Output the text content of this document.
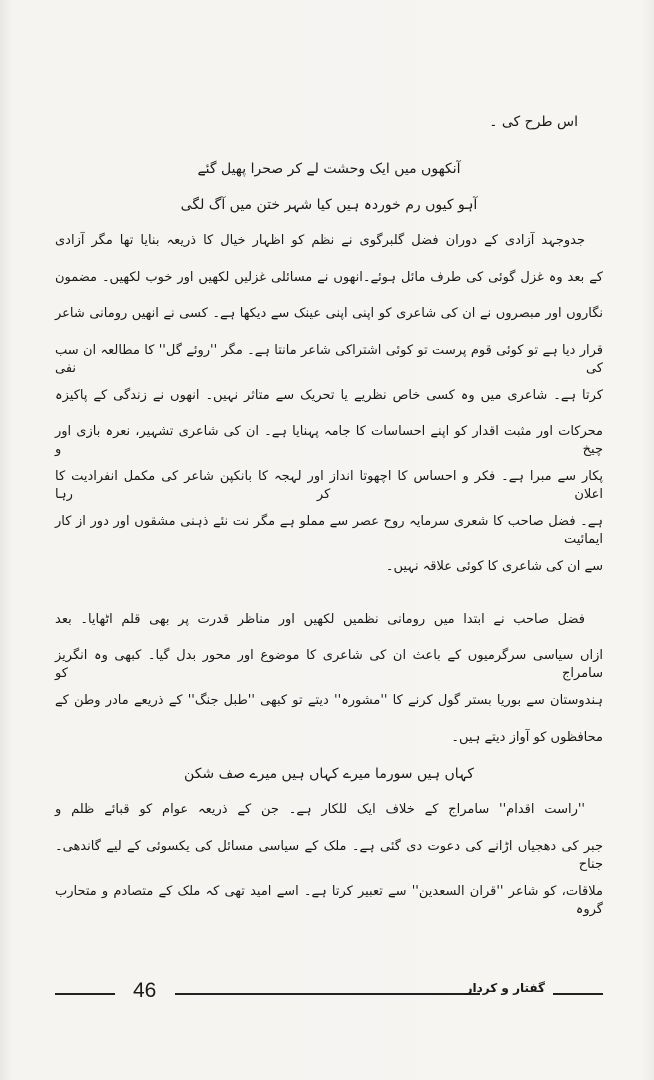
اس طرح کی ۔
آنکھوں میں ایک وحشت لے کر صحرا پھیل گئے
آہو کیوں رم خوردہ ہیں کیا شہر ختن میں آگ لگی
جدوجہد آزادی کے دوران فضل گلبرگوی نے نظم کو اظہار خیال کا ذریعہ بنایا تھا مگر آزادی
کے بعد وہ غزل گوئی کی طرف مائل ہوئے۔انھوں نے مسائلی غزلیں لکھیں اور خوب لکھیں۔ مضمون
نگاروں اور مبصروں نے ان کی شاعری کو اپنی اپنی عینک سے دیکھا ہے۔ کسی نے انھیں رومانی شاعر
قرار دیا ہے تو کوئی قوم پرست تو کوئی اشتراکی شاعر مانتا ہے۔ مگر ''روئے گل'' کا مطالعہ ان سب کی نفی
کرتا ہے۔ شاعری میں وہ کسی خاص نظریے یا تحریک سے متاثر نہیں۔ انھوں نے زندگی کے پاکیزہ
محرکات اور مثبت اقدار کو اپنے احساسات کا جامہ پہنایا ہے۔ ان کی شاعری تشہیر، نعرہ بازی اور چیخ و
پکار سے مبرا ہے۔ فکر و احساس کا اچھوتا انداز اور لہجہ کا بانکپن شاعر کی مکمل انفرادیت کا اعلان کر رہا
ہے۔ فضل صاحب کا شعری سرمایہ روح عصر سے مملو ہے مگر نت نئے ذہنی مشقوں اور دور از کار ایمائیت
سے ان کی شاعری کا کوئی علاقہ نہیں۔
فضل صاحب نے ابتدا میں رومانی نظمیں لکھیں اور مناظر قدرت پر بھی قلم اٹھایا۔ بعد
ازاں سیاسی سرگرمیوں کے باعث ان کی شاعری کا موضوع اور محور بدل گیا۔ کبھی وہ انگریز سامراج کو
ہندوستان سے بوریا بستر گول کرنے کا ''مشورہ'' دیتے تو کبھی ''طبل جنگ'' کے ذریعے مادر وطن کے
محافظوں کو آواز دیتے ہیں۔
کہاں ہیں سورما میرے کہاں ہیں میرے صف شکن
''راست اقدام'' سامراج کے خلاف ایک للکار ہے۔ جن کے ذریعہ عوام کو قبائے ظلم و
جبر کی دھجیاں اڑانے کی دعوت دی گئی ہے۔ ملک کے سیاسی مسائل کی یکسوئی کے لیے گاندھی۔ جناح
ملاقات، کو شاعر ''قران السعدین'' سے تعبیر کرتا ہے۔ اسے امید تھی کہ ملک کے متصادم و متحارب گروہ
46	گفتار و کردار
